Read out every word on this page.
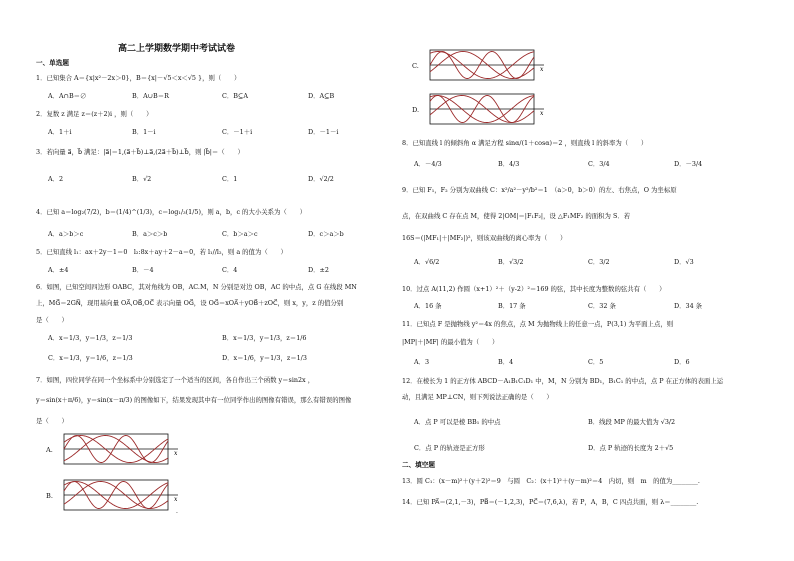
高二上学期数学期中考试试卷
一、单选题
1．已知集合 A＝{x|x²－2x＞0}，B＝{x|－√5＜x＜√5 }，则（　　）
A．A∩B＝∅	B．A∪B＝R	C．B⊆A	D．A⊆B
2．复数 z 满足 z＝(z＋2)i ，则（　　）
A．1＋i	B．1－i	C．－1＋i	D．－1－i
3．若向量 a⃗，b⃗ 满足：|a⃗|＝1,(a⃗＋b⃗)⊥a⃗,(2a⃗＋b⃗)⊥b⃗，则 |b⃗|＝（　　）
A．2	B．√2	C．1	D．√2/2
4．已知 a＝log₂(7/2)，b＝(1/4)^(1/3)，c＝log₁/₃(1/5)，则 a，b，c 的大小关系为（　　）
A．a＞b＞c	B．a＞c＞b	C．b＞a＞c	D．c＞a＞b
5．已知直线 l₁：ax＋2y－1＝0　l₂:8x＋ay＋2－a＝0，若 l₁//l₂，则 a 的值为（　　）
A．±4	B．－4	C．4	D．±2
6．如图，已知空间四边形 OABC，其对角线为 OB，AC.M，N 分别是对边 OB，AC 的中点，点 G 在线段 MN
上，MG⃗＝2GN⃗，现用基向量 OA⃗,OB⃗,OC⃗ 表示向量 OG⃗，设 OG⃗＝xOA⃗＋yOB⃗＋zOC⃗，则 x，y，z 的值分别
是（　　）
A．x＝1/3，y＝1/3，z＝1/3	B．x＝1/3，y＝1/3，z＝1/6
C．x＝1/3，y＝1/6，z＝1/3	D．x＝1/6，y＝1/3，z＝1/3
7．如图，四位同学在同一个坐标系中分别选定了一个适当的区间，各自作出三个函数 y＝sin2x ，
y＝sin(x＋π/6)，y＝sin(x－π/3) 的图像如下，结果发现其中有一位同学作出的图像有错误，那么有错误的图像
是（　　）
A.	x
B.	x
.
C.
D.
8．已知直线 l 的倾斜角 α 满足方程 sinα/(1＋cosα)＝2 ，则直线 l 的斜率为（　　）
A．－4/3	B．4/3	C．3/4	D．－3/4
9．已知 F₁，F₂ 分别为双曲线 C：x²/a²－y²/b²＝1　（a＞0，b＞0）的左、右焦点，O 为坐标原
点，在双曲线 C 存在点 M，使得 2|OM|＝|F₁F₂|，设 △F₁MF₂ 的面积为 S．若
16S＝(|MF₁|＋|MF₂|)²，则该双曲线的离心率为（　　）
A．√6/2	B．√3/2	C．3/2	D．√3
10．过点 A(11,2) 作圆（x+1）²＋（y-2）²＝169 的弦，其中长度为整数的弦共有（　　）
A．16 条	B．17 条	C．32 条	D．34 条
11．已知点 F 是抛物线 y²＝4x 的焦点，点 M 为抛物线上的任意一点，P(3,1) 为平面上点，则
|MP|＋|MF| 的最小值为（　　）
A．3	B．4	C．5	D．6
12．在棱长为 1 的正方体 ABCD－A₁B₁C₁D₁ 中，M，N 分别为 BD₁，B₁C₁ 的中点，点 P 在正方体的表面上运
动，且满足 MP⊥CN，则下列说法正确的是（　　）
A．点 P 可以是棱 BB₁ 的中点	B．线段 MP 的最大值为 √3/2
C．点 P 的轨迹是正方形	D．点 P 轨迹的长度为 2＋√5
二、填空题
13．圆 C₁：(x－m)²＋(y＋2)²＝9　与圆　C₂：(x＋1)²＋(y－m)²＝4　内切，则　m　的值为________.
14．已知 PA⃗＝(2,1,－3)，PB⃗＝(－1,2,3)，PC⃗＝(7,6,λ)，若 P，A，B，C 四点共面，则 λ＝________.
x
x
